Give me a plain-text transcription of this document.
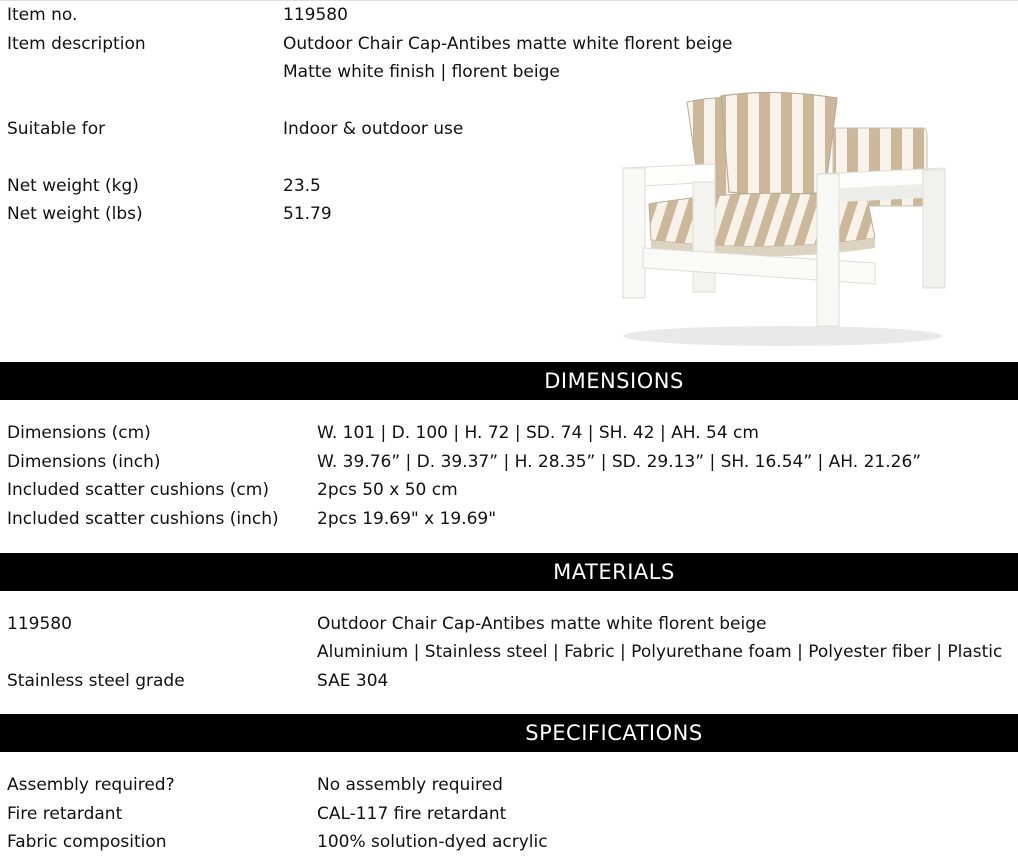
Item no.	119580
Item description	Outdoor Chair Cap-Antibes matte white florent beige
Matte white finish | florent beige
Suitable for	Indoor & outdoor use
Net weight (kg)	23.5
Net weight (lbs)	51.79
DIMENSIONS
Dimensions (cm)	W. 101 | D. 100 | H. 72 | SD. 74 | SH. 42 | AH. 54 cm
Dimensions (inch)	W. 39.76” | D. 39.37” | H. 28.35” | SD. 29.13” | SH. 16.54” | AH. 21.26”
Included scatter cushions (cm)	2pcs 50 x 50 cm
Included scatter cushions (inch) 2pcs 19.69" x 19.69"
MATERIALS
119580	Outdoor Chair Cap-Antibes matte white florent beige
Aluminium | Stainless steel | Fabric | Polyurethane foam | Polyester fiber | Plastic
Stainless steel grade	SAE 304
SPECIFICATIONS
Assembly required?	No assembly required
Fire retardant	CAL-117 fire retardant
Fabric composition	100% solution-dyed acrylic
